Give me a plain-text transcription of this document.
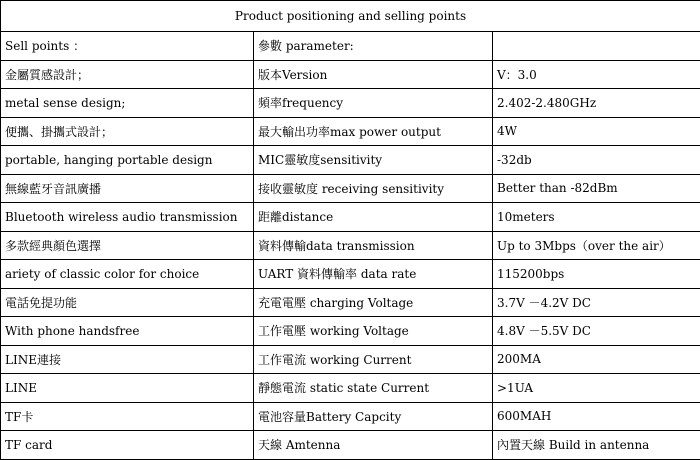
Product positioning and selling points		
Sell points ：	參數 parameter:	
金屬質感設計；	版本Version	V：3.0
metal sense design;	頻率frequency	2.402-2.480GHz
便攜、掛攜式設計；	最大輸出功率max power output	4W
portable, hanging portable design	MIC靈敏度sensitivity	-32db
無線藍牙音訊廣播	接收靈敏度 receiving sensitivity	Better than -82dBm
Bluetooth wireless audio transmission	距離distance	10meters
多款經典顏色選擇	資料傳輸data transmission	Up to 3Mbps（over the air）
ariety of classic color for choice	UART 資料傳輸率 data rate	115200bps
電話免提功能	充電電壓 charging Voltage	3.7V －4.2V DC
With phone handsfree	工作電壓 working Voltage	4.8V －5.5V DC
LINE連接	工作電流 working Current	200MA
LINE	靜態電流 static state Current	>1UA
TF卡	電池容量Battery Capcity	600MAH
TF card	天線 Amtenna	內置天線 Build in antenna
